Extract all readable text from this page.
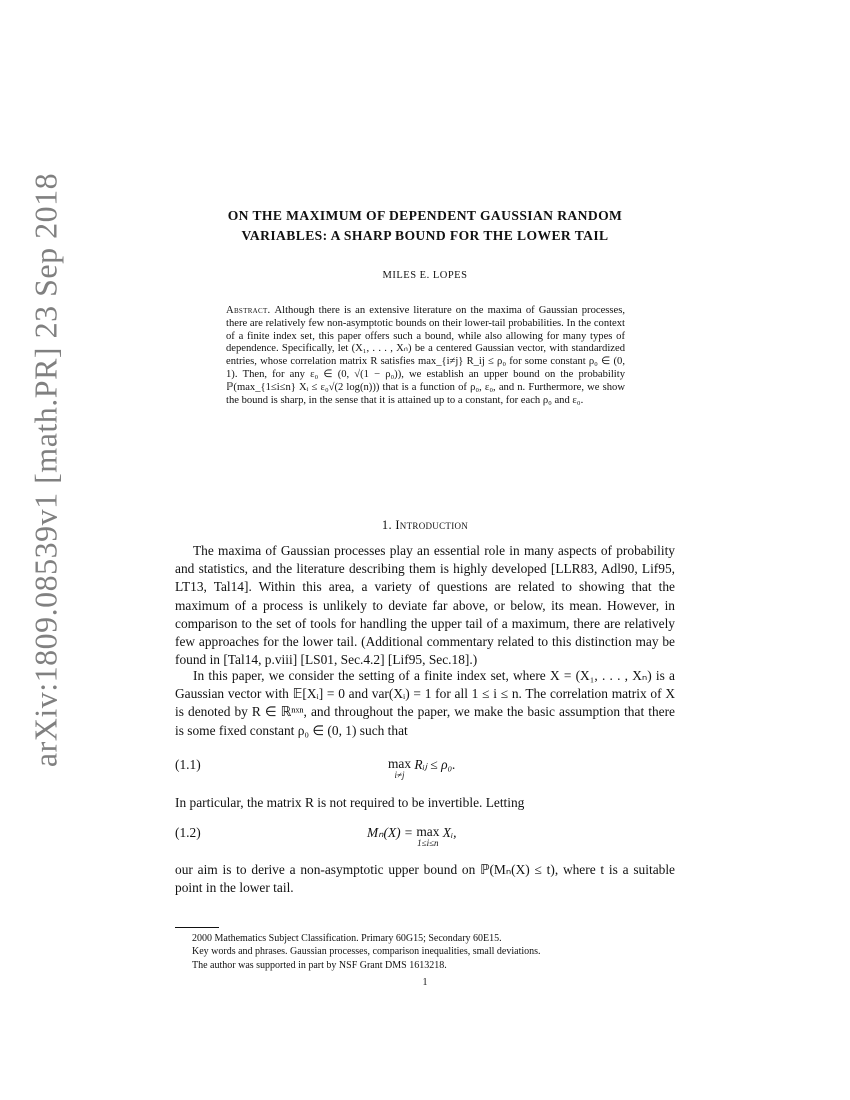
arXiv:1809.08539v1 [math.PR] 23 Sep 2018	ON THE MAXIMUM OF DEPENDENT GAUSSIAN RANDOM
VARIABLES: A SHARP BOUND FOR THE LOWER TAIL
MILES E. LOPES
Abstract. Although there is an extensive literature on the maxima of Gaussian processes, there are relatively few non-asymptotic bounds on their lower-tail probabilities. In the context of a finite index set, this paper offers such a bound, while also allowing for many types of dependence. Specifically, let (X₁, . . . , Xₙ) be a centered Gaussian vector, with standardized entries, whose correlation matrix R satisfies max_{i≠j} R_ij ≤ ρ₀ for some constant ρ₀ ∈ (0, 1). Then, for any ε₀ ∈ (0, √(1 − ρ₀)), we establish an upper bound on the probability ℙ(max_{1≤i≤n} Xᵢ ≤ ε₀√(2 log(n))) that is a function of ρ₀, ε₀, and n. Furthermore, we show the bound is sharp, in the sense that it is attained up to a constant, for each ρ₀ and ε₀.
1. Introduction

The maxima of Gaussian processes play an essential role in many aspects of probability and statistics, and the literature describing them is highly developed [LLR83, Adl90, Lif95, LT13, Tal14]. Within this area, a variety of questions are related to showing that the maximum of a process is unlikely to deviate far above, or below, its mean. However, in comparison to the set of tools for handling the upper tail of a maximum, there are relatively few approaches for the lower tail. (Additional commentary related to this distinction may be found in [Tal14, p.viii] [LS01, Sec.4.2] [Lif95, Sec.18].)

In this paper, we consider the setting of a finite index set, where X = (X₁, . . . , Xₙ) is a Gaussian vector with 𝔼[Xᵢ] = 0 and var(Xᵢ) = 1 for all 1 ≤ i ≤ n. The correlation matrix of X is denoted by R ∈ ℝⁿˣⁿ, and throughout the paper, we make the basic assumption that there is some fixed constant ρ₀ ∈ (0, 1) such that

(1.1)	max
i≠j
Rᵢⱼ ≤ ρ₀.

In particular, the matrix R is not required to be invertible. Letting

(1.2)	Mₙ(X) = max
1≤i≤n
Xᵢ,

our aim is to derive a non-asymptotic upper bound on ℙ(Mₙ(X) ≤ t), where t is a suitable point in the lower tail.

2000 Mathematics Subject Classification. Primary 60G15; Secondary 60E15.
Key words and phrases. Gaussian processes, comparison inequalities, small deviations.
The author was supported in part by NSF Grant DMS 1613218.
1
